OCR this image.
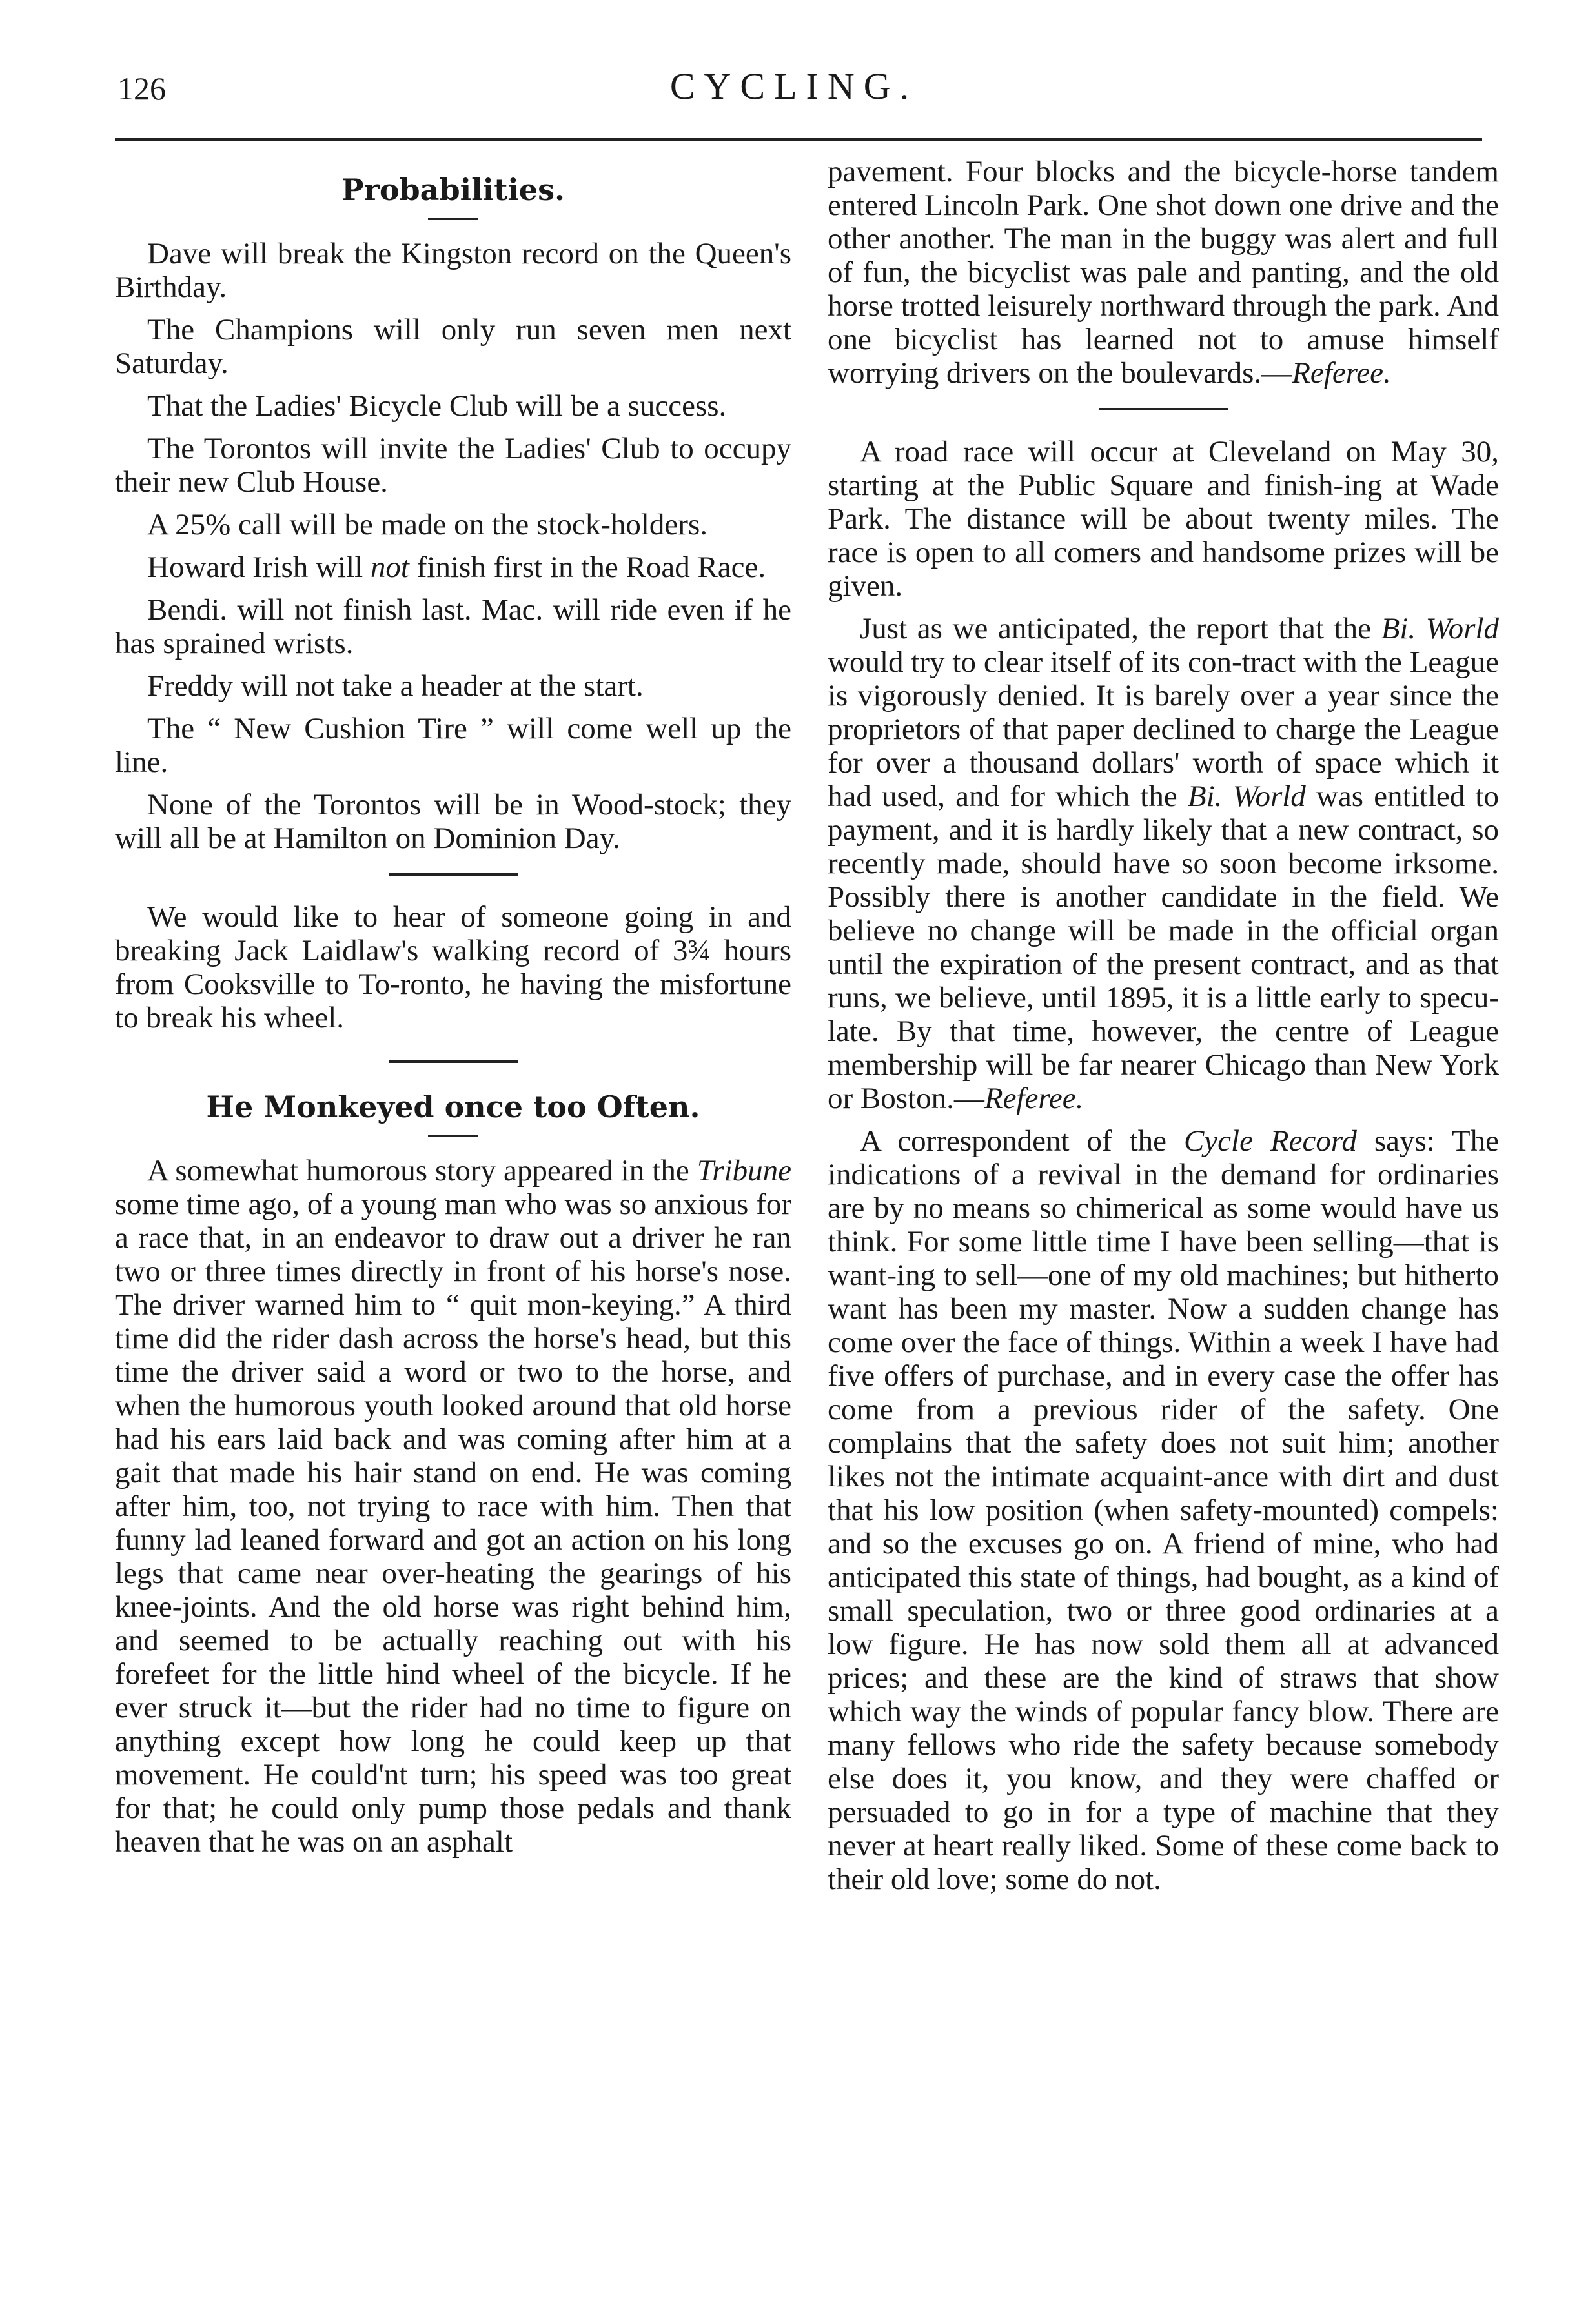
126	CYCLING.
Probabilities.

Dave will break the Kingston record on the Queen's Birthday.

The Champions will only run seven men next Saturday.

That the Ladies' Bicycle Club will be a success.

The Torontos will invite the Ladies' Club to occupy their new Club House.

A 25% call will be made on the stock-holders.

Howard Irish will not finish first in the Road Race.

Bendi. will not finish last. Mac. will ride even if he has sprained wrists.

Freddy will not take a header at the start.

The “ New Cushion Tire ” will come well up the line.

None of the Torontos will be in Wood-stock; they will all be at Hamilton on Dominion Day.

We would like to hear of someone going in and breaking Jack Laidlaw's walking record of 3¾ hours from Cooksville to To-ronto, he having the misfortune to break his wheel.

He Monkeyed once too Often.

A somewhat humorous story appeared in the Tribune some time ago, of a young man who was so anxious for a race that, in an endeavor to draw out a driver he ran two or three times directly in front of his horse's nose. The driver warned him to “ quit mon-keying.” A third time did the rider dash across the horse's head, but this time the driver said a word or two to the horse, and when the humorous youth looked around that old horse had his ears laid back and was coming after him at a gait that made his hair stand on end. He was coming after him, too, not trying to race with him. Then that funny lad leaned forward and got an action on his long legs that came near over-heating the gearings of his knee-joints. And the old horse was right behind him, and seemed to be actually reaching out with his forefeet for the little hind wheel of the bicycle. If he ever struck it—but the rider had no time to figure on anything except how long he could keep up that movement. He could'nt turn; his speed was too great for that; he could only pump those pedals and thank heaven that he was on an asphalt

pavement. Four blocks and the bicycle-horse tandem entered Lincoln Park. One shot down one drive and the other another. The man in the buggy was alert and full of fun, the bicyclist was pale and panting, and the old horse trotted leisurely northward through the park. And one bicyclist has learned not to amuse himself worrying drivers on the boulevards.—Referee.

A road race will occur at Cleveland on May 30, starting at the Public Square and finish-ing at Wade Park. The distance will be about twenty miles. The race is open to all comers and handsome prizes will be given.

Just as we anticipated, the report that the Bi. World would try to clear itself of its con-tract with the League is vigorously denied. It is barely over a year since the proprietors of that paper declined to charge the League for over a thousand dollars' worth of space which it had used, and for which the Bi. World was entitled to payment, and it is hardly likely that a new contract, so recently made, should have so soon become irksome. Possibly there is another candidate in the field. We believe no change will be made in the official organ until the expiration of the present contract, and as that runs, we believe, until 1895, it is a little early to specu-late. By that time, however, the centre of League membership will be far nearer Chicago than New York or Boston.—Referee.

A correspondent of the Cycle Record says: The indications of a revival in the demand for ordinaries are by no means so chimerical as some would have us think. For some little time I have been selling—that is want-ing to sell—one of my old machines; but hitherto want has been my master. Now a sudden change has come over the face of things. Within a week I have had five offers of purchase, and in every case the offer has come from a previous rider of the safety. One complains that the safety does not suit him; another likes not the intimate acquaint-ance with dirt and dust that his low position (when safety-mounted) compels: and so the excuses go on. A friend of mine, who had anticipated this state of things, had bought, as a kind of small speculation, two or three good ordinaries at a low figure. He has now sold them all at advanced prices; and these are the kind of straws that show which way the winds of popular fancy blow. There are many fellows who ride the safety because somebody else does it, you know, and they were chaffed or persuaded to go in for a type of machine that they never at heart really liked. Some of these come back to their old love; some do not.
